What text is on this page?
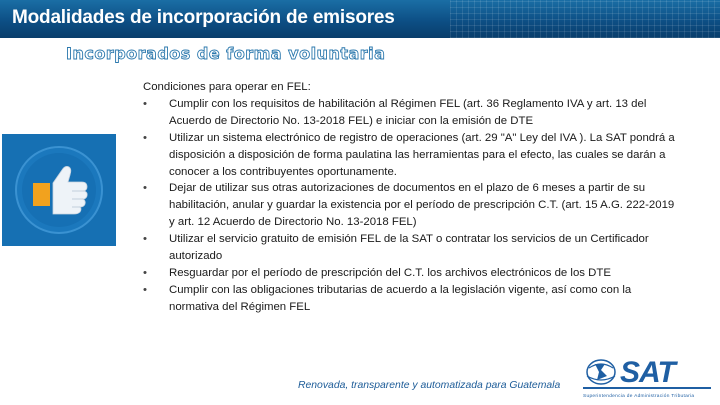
Modalidades de incorporación de emisores
Incorporados de forma voluntaria

Condiciones para operar en FEL:

• Cumplir con los requisitos de habilitación al Régimen FEL (art. 36 Reglamento IVA y art. 13 del Acuerdo de Directorio No. 13-2018 FEL) e iniciar con la emisión de DTE
• Utilizar un sistema electrónico de registro de operaciones (art. 29 "A" Ley del IVA ). La SAT pondrá a disposición a disposición de forma paulatina las herramientas para el efecto, las cuales se darán a conocer a los contribuyentes oportunamente.
• Dejar de utilizar sus otras autorizaciones de documentos en el plazo de 6 meses a partir de su habilitación, anular y guardar la existencia por el período de prescripción C.T. (art. 15 A.G. 222-2019 y art. 12 Acuerdo de Directorio No. 13-2018 FEL)
• Utilizar el servicio gratuito de emisión FEL de la SAT o contratar los servicios de un Certificador autorizado
• Resguardar por el período de prescripción del C.T. los archivos electrónicos de los DTE
• Cumplir con las obligaciones tributarias de acuerdo a la legislación vigente, así como con la normativa del Régimen FEL

Renovada, transparente y automatizada para Guatemala SAT
Superintendencia de Administración Tributaria
